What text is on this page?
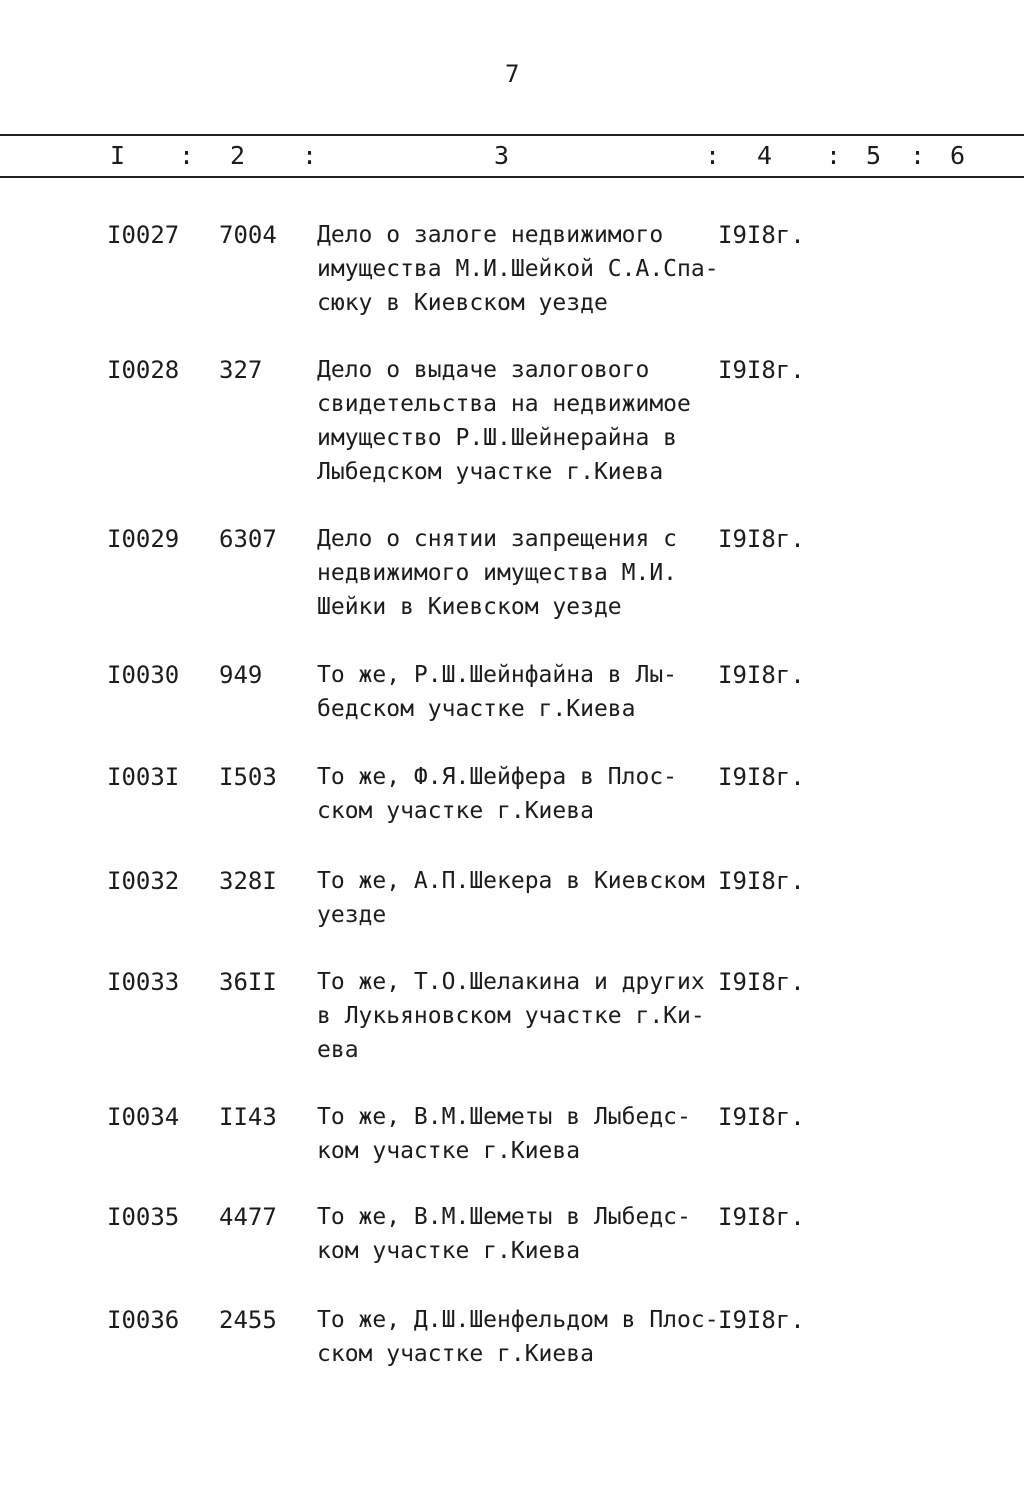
7
I : 2 :	3	: 4 : 5 : 6
I0027 7004 Дело о залоге недвижимого
имущества М.И.Шейкой С.А.Спа-
сюку в Киевском уезде
I9I8г.
I0028 327 Дело о выдаче залогового
свидетельства на недвижимое
имущество Р.Ш.Шейнерайна в
Лыбедском участке г.Киева
I9I8г.
I0029 6307 Дело о снятии запрещения с
недвижимого имущества М.И.
Шейки в Киевском уезде
I9I8г.
I0030 949 То же, Р.Ш.Шейнфайна в Лы-
бедском участке г.Киева
I9I8г.
I003I I503 То же, Ф.Я.Шейфера в Плос-
ском участке г.Киева
I9I8г.
I0032 328I То же, А.П.Шекера в Киевском
уезде
I9I8г.
I0033 36II То же, Т.О.Шелакина и других
в Лукьяновском участке г.Ки-
ева
I9I8г.
I0034 II43 То же, В.М.Шеметы в Лыбедс-
ком участке г.Киева
I9I8г.
I0035 4477 То же, В.М.Шеметы в Лыбедс-
ком участке г.Киева
I9I8г.
I0036 2455 То же, Д.Ш.Шенфельдом в Плос-
ском участке г.Киева
I9I8г.
